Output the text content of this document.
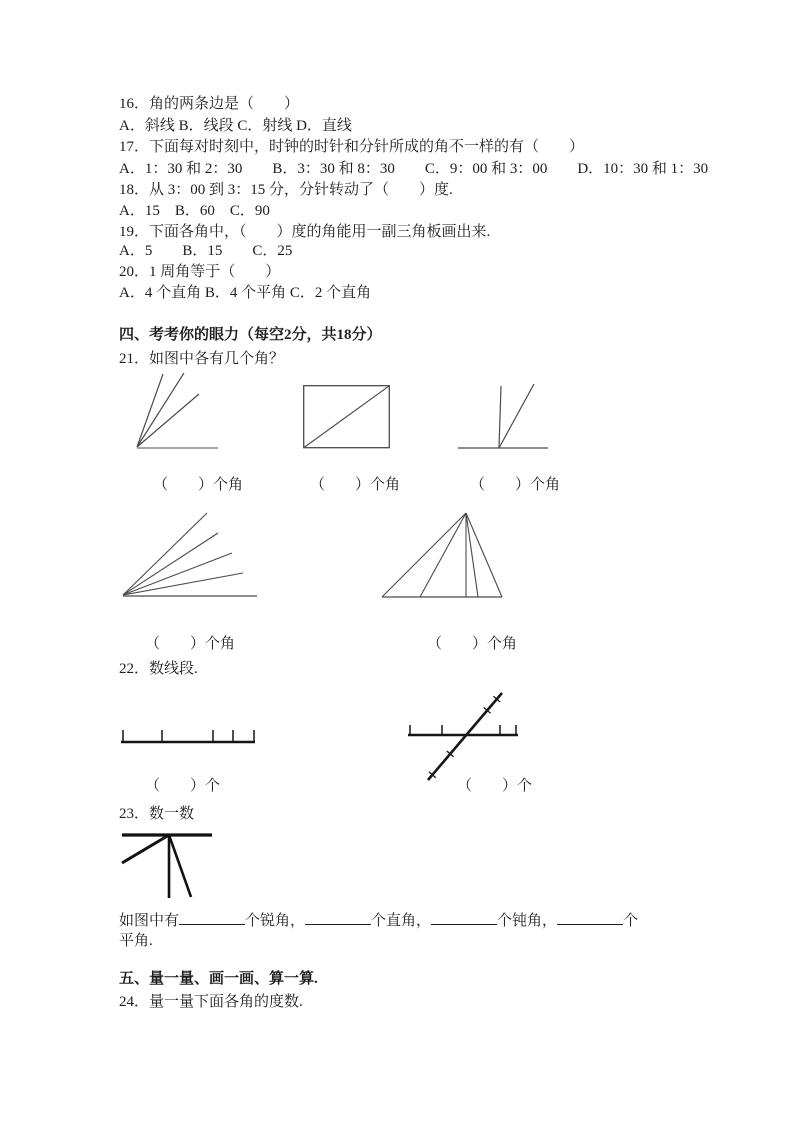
16．角的两条边是（　　）
A．斜线 B．线段 C．射线 D．直线
17．下面每对时刻中，时钟的时针和分针所成的角不一样的有（　　）
A．1：30 和 2：30　　B．3：30 和 8：30　　C．9：00 和 3：00　　D．10：30 和 1：30
18．从 3：00 到 3：15 分，分针转动了（　　）度.
A．15　B．60　C．90
19．下面各角中，（　　）度的角能用一副三角板画出来.
A．5　　B．15　　C．25
20．1 周角等于（　　）
A．4 个直角 B．4 个平角 C．2 个直角
四、考考你的眼力（每空2分，共18分）
21．如图中各有几个角？
（　　）个角	（　　）个角	（　　）个角
（　　）个角	（　　）个角
22．数线段.
（　　）个	（　　）个
23．数一数
如图中有	个锐角，	个直角，	个钝角，	个
平角.
五、量一量、画一画、算一算.
24．量一量下面各角的度数.
